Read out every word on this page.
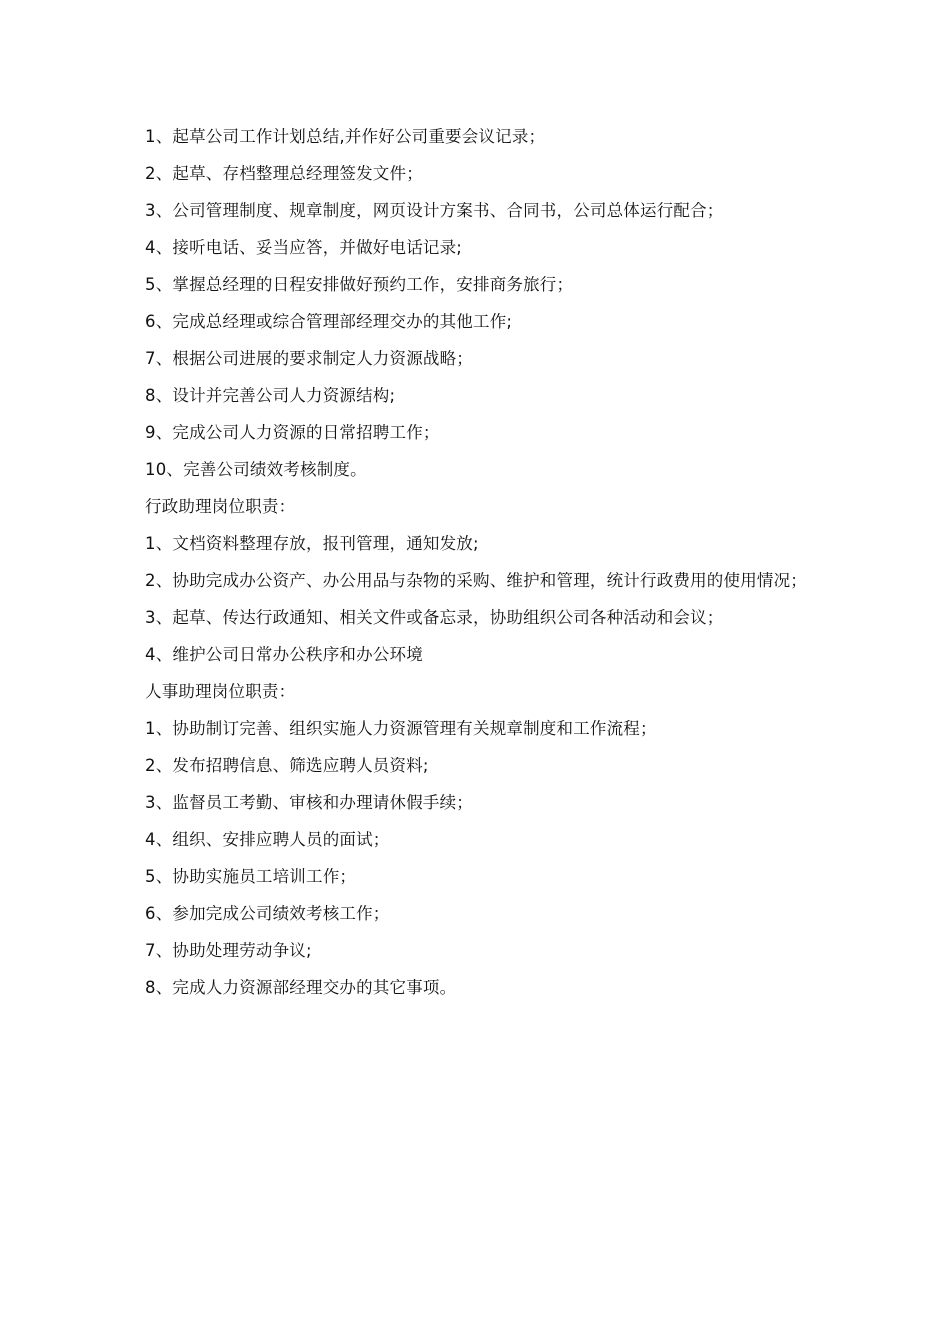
1、起草公司工作计划总结,并作好公司重要会议记录；

2、起草、存档整理总经理签发文件；

3、公司管理制度、规章制度，网页设计方案书、合同书，公司总体运行配合；

4、接听电话、妥当应答，并做好电话记录;

5、掌握总经理的日程安排做好预约工作，安排商务旅行；

6、完成总经理或综合管理部经理交办的其他工作;

7、根据公司进展的要求制定人力资源战略；

8、设计并完善公司人力资源结构;

9、完成公司人力资源的日常招聘工作；

10、完善公司绩效考核制度。

行政助理岗位职责：

1、文档资料整理存放，报刊管理，通知发放;

2、协助完成办公资产、办公用品与杂物的采购、维护和管理，统计行政费用的使用情况；

3、起草、传达行政通知、相关文件或备忘录，协助组织公司各种活动和会议；

4、维护公司日常办公秩序和办公环境

人事助理岗位职责：

1、协助制订完善、组织实施人力资源管理有关规章制度和工作流程；

2、发布招聘信息、筛选应聘人员资料;

3、监督员工考勤、审核和办理请休假手续；

4、组织、安排应聘人员的面试；

5、协助实施员工培训工作；

6、参加完成公司绩效考核工作；

7、协助处理劳动争议;

8、完成人力资源部经理交办的其它事项。
